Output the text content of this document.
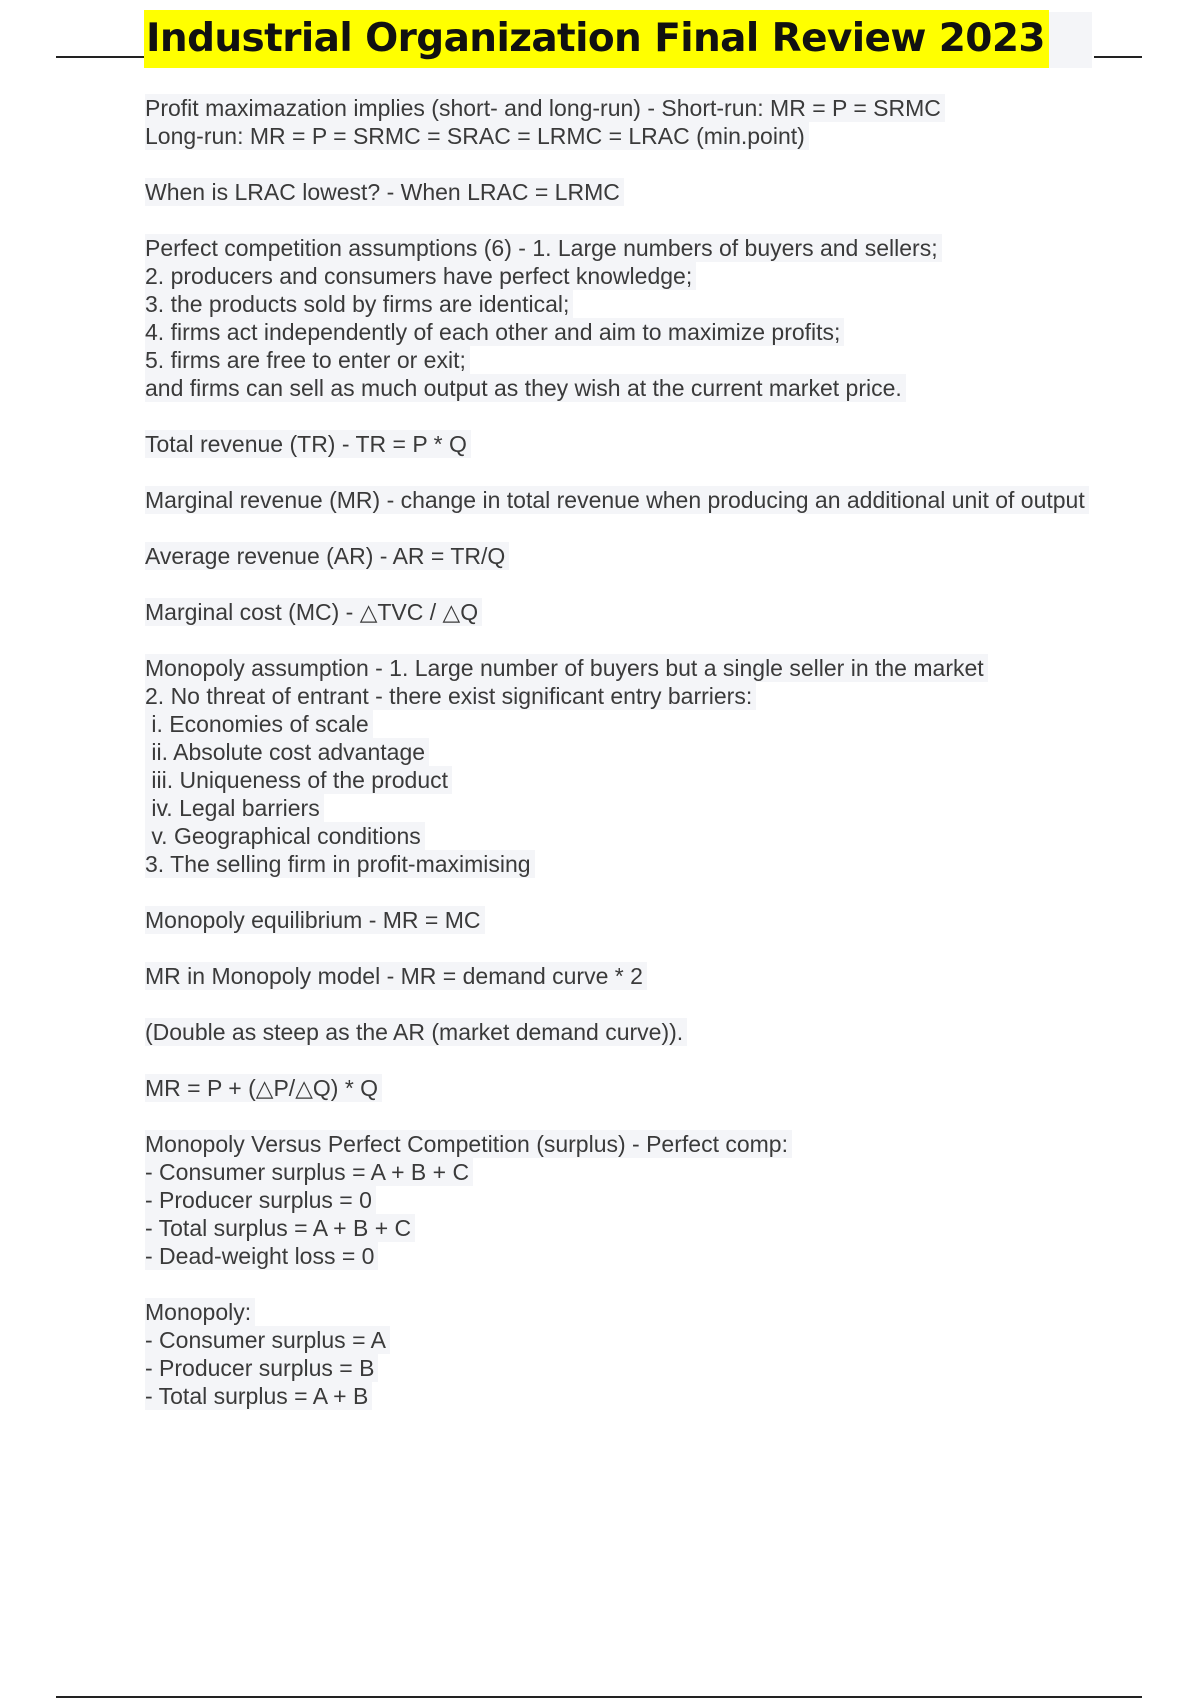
Industrial Organization Final Review 2023
Profit maximazation implies (short- and long-run) - Short-run: MR = P = SRMC
Long-run: MR = P = SRMC = SRAC = LRMC = LRAC (min.point)
When is LRAC lowest? - When LRAC = LRMC
Perfect competition assumptions (6) - 1. Large numbers of buyers and sellers;
2. producers and consumers have perfect knowledge;
3. the products sold by firms are identical;
4. firms act independently of each other and aim to maximize profits;
5. firms are free to enter or exit;
and firms can sell as much output as they wish at the current market price.
Total revenue (TR) - TR = P * Q
Marginal revenue (MR) - change in total revenue when producing an additional unit of output
Average revenue (AR) - AR = TR/Q
Marginal cost (MC) - △TVC / △Q
Monopoly assumption - 1. Large number of buyers but a single seller in the market
2. No threat of entrant - there exist significant entry barriers:
i. Economies of scale
ii. Absolute cost advantage
iii. Uniqueness of the product
iv. Legal barriers
v. Geographical conditions
3. The selling firm in profit-maximising
Monopoly equilibrium - MR = MC
MR in Monopoly model - MR = demand curve * 2
(Double as steep as the AR (market demand curve)).
MR = P + (△P/△Q) * Q
Monopoly Versus Perfect Competition (surplus) - Perfect comp:
- Consumer surplus = A + B + C
- Producer surplus = 0
- Total surplus = A + B + C
- Dead-weight loss = 0
Monopoly:
- Consumer surplus = A
- Producer surplus = B
- Total surplus = A + B
